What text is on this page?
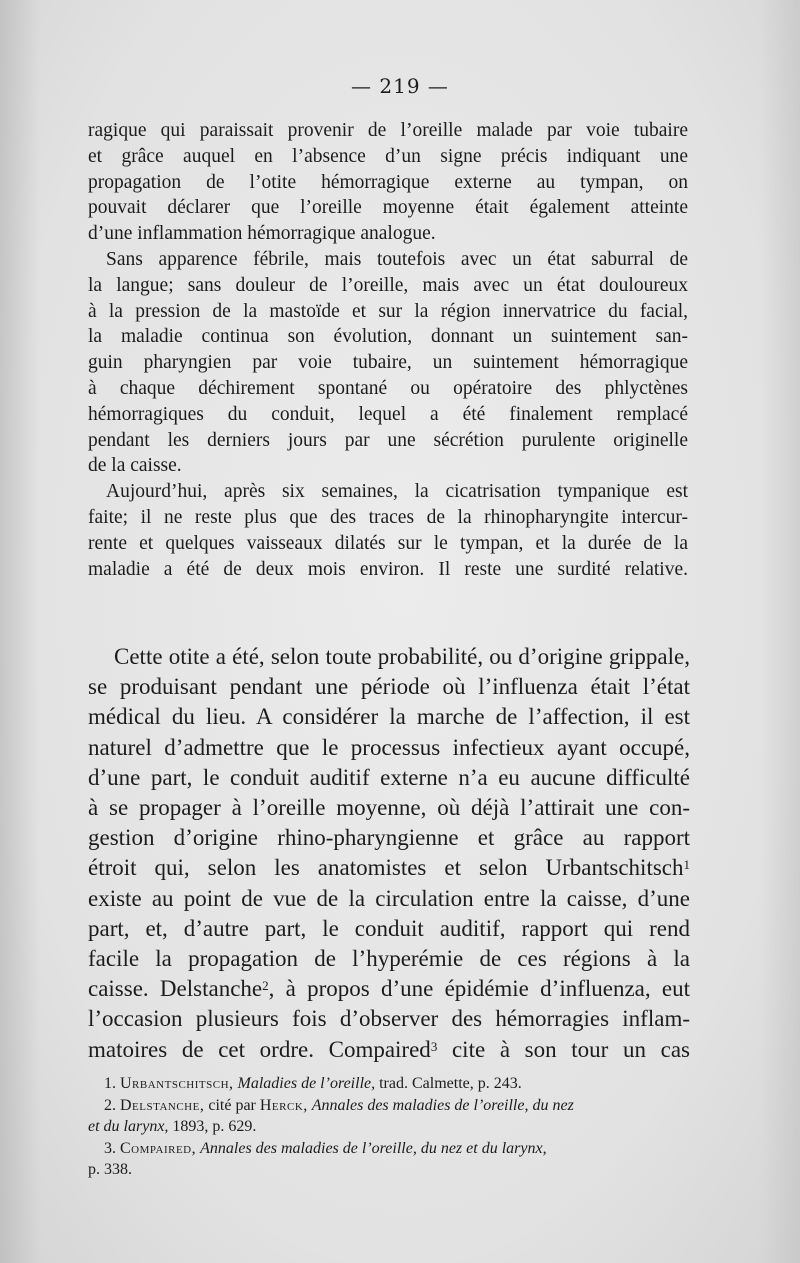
— 219 —

ragique qui paraissait provenir de l’oreille malade par voie tubaire
et grâce auquel en l’absence d’un signe précis indiquant une
propagation de l’otite hémorragique externe au tympan, on
pouvait déclarer que l’oreille moyenne était également atteinte
d’une inflammation hémorragique analogue.

Sans apparence fébrile, mais toutefois avec un état saburral de

la langue; sans douleur de l’oreille, mais avec un état douloureux
à la pression de la mastoïde et sur la région innervatrice du facial,
la maladie continua son évolution, donnant un suintement san-
guin pharyngien par voie tubaire, un suintement hémorragique
à chaque déchirement spontané ou opératoire des phlyctènes
hémorragiques du conduit, lequel a été finalement remplacé
pendant les derniers jours par une sécrétion purulente originelle
de la caisse.

Aujourd’hui, après six semaines, la cicatrisation tympanique est

faite; il ne reste plus que des traces de la rhinopharyngite intercur-
rente et quelques vaisseaux dilatés sur le tympan, et la durée de la
maladie a été de deux mois environ. Il reste une surdité relative.

Cette otite a été, selon toute probabilité, ou d’origine grippale,
se produisant pendant une période où l’influenza était l’état
médical du lieu. A considérer la marche de l’affection, il est
naturel d’admettre que le processus infectieux ayant occupé,
d’une part, le conduit auditif externe n’a eu aucune difficulté
à se propager à l’oreille moyenne, où déjà l’attirait une con-
gestion d’origine rhino-pharyngienne et grâce au rapport
étroit qui, selon les anatomistes et selon Urbantschitsch$^1$
existe au point de vue de la circulation entre la caisse, d’une
part, et, d’autre part, le conduit auditif, rapport qui rend
facile la propagation de l’hyperémie de ces régions à la
caisse. Delstanche$^2$, à propos d’une épidémie d’influenza, eut
l’occasion plusieurs fois d’observer des hémorragies inflam-
matoires de cet ordre. Compaired$^3$ cite à son tour un cas

1. Urbantschitsch, Maladies de l’oreille, trad. Calmette, p. 243.

2. Delstanche, cité par Herck, Annales des maladies de l’oreille, du nez
et du larynx, 1893, p. 629.

3. Compaired, Annales des maladies de l’oreille, du nez et du larynx,
p. 338.
